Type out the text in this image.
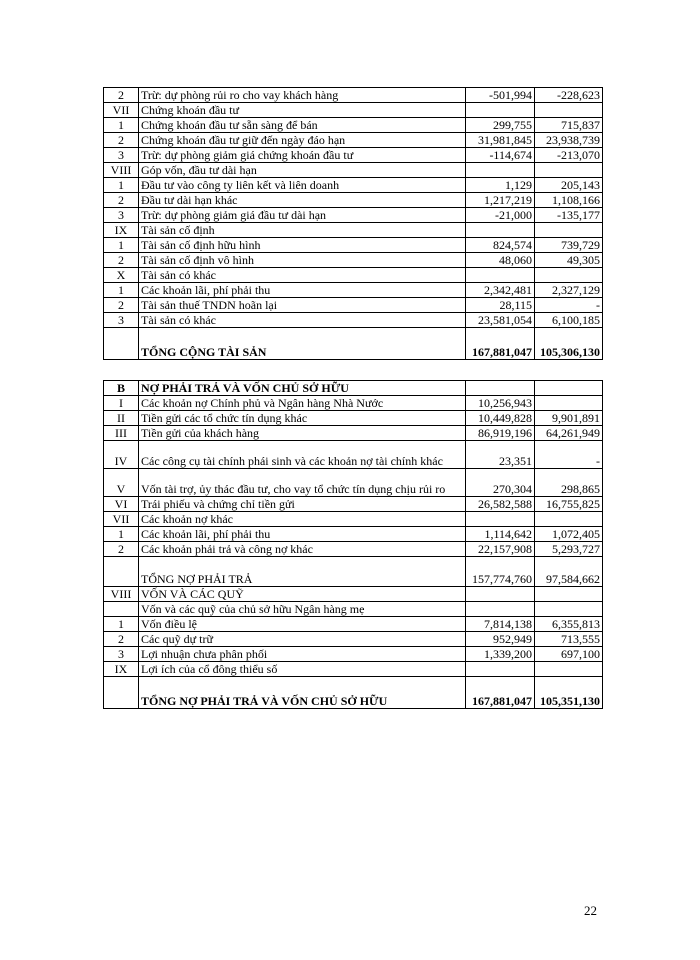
2	Trừ: dự phòng rủi ro cho vay khách hàng	-501,994	-228,623
VII	Chứng khoán đầu tư		
1	Chứng khoán đầu tư sẵn sàng để bán	299,755	715,837
2	Chứng khoán đầu tư giữ đến ngày đáo hạn	31,981,845	23,938,739
3	Trừ: dự phòng giảm giá chứng khoán đầu tư	-114,674	-213,070
VIII	Góp vốn, đầu tư dài hạn		
1	Đầu tư vào công ty liên kết và liên doanh	1,129	205,143
2	Đầu tư dài hạn khác	1,217,219	1,108,166
3	Trừ: dự phòng giảm giá đầu tư dài hạn	-21,000	-135,177
IX	Tài sản cố định		
1	Tài sản cố định hữu hình	824,574	739,729
2	Tài sản cố định vô hình	48,060	49,305
X	Tài sản có khác		
1	Các khoản lãi, phí phải thu	2,342,481	2,327,129
2	Tài sản thuế TNDN hoãn lại	28,115	-
3	Tài sản có khác	23,581,054	6,100,185
	TỔNG CỘNG TÀI SẢN	167,881,047	105,306,130
B	NỢ PHẢI TRẢ VÀ VỐN CHỦ SỞ HỮU		
I	Các khoản nợ Chính phủ và Ngân hàng Nhà Nước	10,256,943	
II	Tiền gửi các tổ chức tín dụng khác	10,449,828	9,901,891
III	Tiền gửi của khách hàng	86,919,196	64,261,949
IV	Các công cụ tài chính phái sinh và các khoản nợ tài chính khác	23,351	-
V	Vốn tài trợ, ủy thác đầu tư, cho vay tổ chức tín dụng chịu rủi ro	270,304	298,865
VI	Trái phiếu và chứng chỉ tiền gửi	26,582,588	16,755,825
VII	Các khoản nợ khác		
1	Các khoản lãi, phí phải thu	1,114,642	1,072,405
2	Các khoản phải trả và công nợ khác	22,157,908	5,293,727
	TỔNG NỢ PHẢI TRẢ	157,774,760	97,584,662
VIII	VỐN VÀ CÁC QUỸ		
	Vốn và các quỹ của chủ sở hữu Ngân hàng mẹ		
1	Vốn điều lệ	7,814,138	6,355,813
2	Các quỹ dự trữ	952,949	713,555
3	Lợi nhuận chưa phân phối	1,339,200	697,100
IX	Lợi ích của cổ đông thiểu số		
	TỔNG NỢ PHẢI TRẢ VÀ VỐN CHỦ SỞ HỮU	167,881,047	105,351,130
22
